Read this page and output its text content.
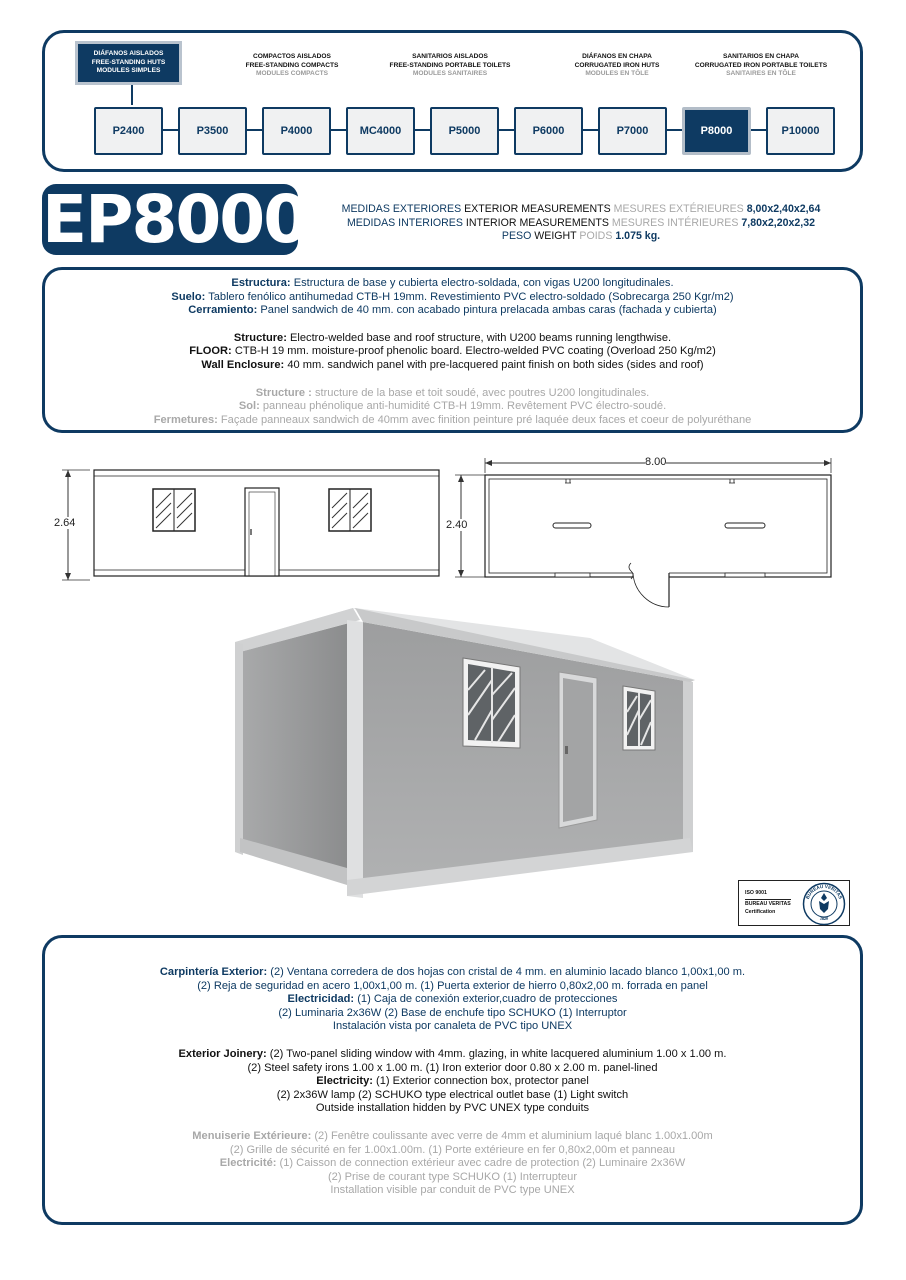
DIÁFANOS AISLADOS
FREE-STANDING HUTS
MODULES SIMPLES
COMPACTOS AISLADOS
FREE-STANDING COMPACTS
MODULES COMPACTS
SANITARIOS AISLADOS
FREE-STANDING PORTABLE TOILETS
MODULES SANITAIRES
DIÁFANOS EN CHAPA
CORRUGATED IRON HUTS
MODULES EN TÔLE
SANITARIOS EN CHAPA
CORRUGATED IRON PORTABLE TOILETS
SANITAIRES EN TÔLE
P2400	P3500	P4000	MC4000	P5000	P6000	P7000	P8000	P10000
EP8000	MEDIDAS EXTERIORES EXTERIOR MEASUREMENTS MESURES EXTÉRIEURES 8,00x2,40x2,64
MEDIDAS INTERIORES INTERIOR MEASUREMENTS MESURES INTÉRIEURES 7,80x2,20x2,32
PESO WEIGHT POIDS 1.075 kg.

Estructura: Estructura de base y cubierta electro-soldada, con vigas U200 longitudinales.

Suelo: Tablero fenólico antihumedad CTB-H 19mm. Revestimiento PVC electro-soldado (Sobrecarga 250 Kgr/m2)

Cerramiento: Panel sandwich de 40 mm. con acabado pintura prelacada ambas caras (fachada y cubierta)

Structure: Electro-welded base and roof structure, with U200 beams running lengthwise.

FLOOR: CTB-H 19 mm. moisture-proof phenolic board. Electro-welded PVC coating (Overload 250 Kg/m2)

Wall Enclosure: 40 mm. sandwich panel with pre-lacquered paint finish on both sides (sides and roof)

Structure : structure de la base et toit soudé, avec poutres U200 longitudinales.

Sol: panneau phénolique anti-humidité CTB-H 19mm. Revêtement PVC électro-soudé.

Fermetures: Façade panneaux sandwich de 40mm avec finition peinture pré laquée deux faces et coeur de polyuréthane

2.64	2.40
8.00
ISO 9001
BUREAU VERITAS
Certification
BUREAU VERITAS
1828

Carpintería Exterior: (2) Ventana corredera de dos hojas con cristal de 4 mm. en aluminio lacado blanco 1,00x1,00 m.

(2) Reja de seguridad en acero 1,00x1,00 m. (1) Puerta exterior de hierro 0,80x2,00 m. forrada en panel

Electricidad: (1) Caja de conexión exterior,cuadro de protecciones

(2) Luminaria 2x36W (2) Base de enchufe tipo SCHUKO (1) Interruptor

Instalación vista por canaleta de PVC tipo UNEX

Exterior Joinery: (2) Two-panel sliding window with 4mm. glazing, in white lacquered aluminium 1.00 x 1.00 m.

(2) Steel safety irons 1.00 x 1.00 m. (1) Iron exterior door 0.80 x 2.00 m. panel-lined

Electricity: (1) Exterior connection box, protector panel

(2) 2x36W lamp (2) SCHUKO type electrical outlet base (1) Light switch

Outside installation hidden by PVC UNEX type conduits

Menuiserie Extérieure: (2) Fenêtre coulissante avec verre de 4mm et aluminium laqué blanc 1.00x1.00m

(2) Grille de sécurité en fer 1.00x1.00m. (1) Porte extérieure en fer 0,80x2,00m et panneau

Electricité: (1) Caisson de connection extérieur avec cadre de protection (2) Luminaire 2x36W

(2) Prise de courant type SCHUKO (1) Interrupteur

Installation visible par conduit de PVC type UNEX
